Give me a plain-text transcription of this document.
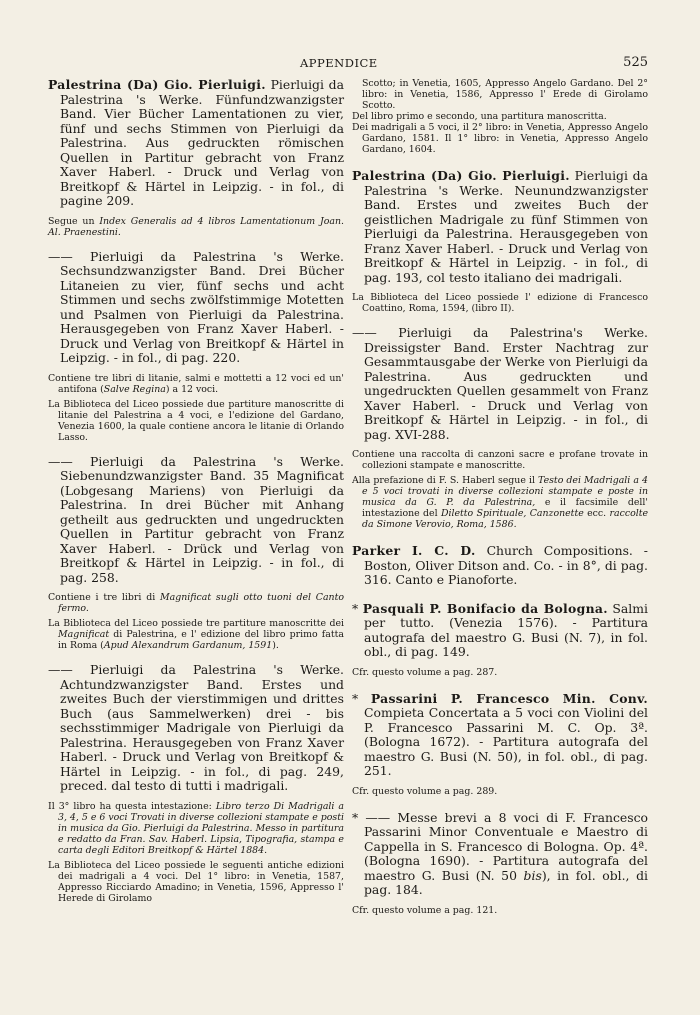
APPENDICE	525

Palestrina (Da) Gio. Pierluigi. Pierluigi da Palestrina 's Werke. Fünfundzwanzigster Band. Vier Bücher Lamentationen zu vier, fünf und sechs Stimmen von Pierluigi da Palestrina. Aus gedruckten römischen Quellen in Partitur gebracht von Franz Xaver Haberl. - Druck und Verlag von Breitkopf & Härtel in Leipzig. - in fol., di pagine 209.

Segue un Index Generalis ad 4 libros Lamentationum Joan. Al. Praenestini.

—— Pierluigi da Palestrina 's Werke. Sechsundzwanzigster Band. Drei Bücher Litaneien zu vier, fünf sechs und acht Stimmen und sechs zwölfstimmige Motetten und Psalmen von Pierluigi da Palestrina. Herausgegeben von Franz Xaver Haberl. - Druck und Verlag von Breitkopf & Härtel in Leipzig. - in fol., di pag. 220.

Contiene tre libri di litanie, salmi e mottetti a 12 voci ed un' antifona (Salve Regina) a 12 voci.

La Biblioteca del Liceo possiede due partiture manoscritte di litanie del Palestrina a 4 voci, e l'edizione del Gardano, Venezia 1600, la quale contiene ancora le litanie di Orlando Lasso.

—— Pierluigi da Palestrina 's Werke. Siebenundzwanzigster Band. 35 Magnificat (Lobgesang Mariens) von Pierluigi da Palestrina. In drei Bücher mit Anhang getheilt aus gedruckten und ungedruckten Quellen in Partitur gebracht von Franz Xaver Haberl. - Drück und Verlag von Breitkopf & Härtel in Leipzig. - in fol., di pag. 258.

Contiene i tre libri di Magnificat sugli otto tuoni del Canto fermo.

La Biblioteca del Liceo possiede tre partiture manoscritte dei Magnificat di Palestrina, e l' edizione del libro primo fatta in Roma (Apud Alexandrum Gardanum, 1591).

—— Pierluigi da Palestrina 's Werke. Achtundzwanzigster Band. Erstes und zweites Buch der vierstimmigen und drittes Buch (aus Sammelwerken) drei - bis sechsstimmiger Madrigale von Pierluigi da Palestrina. Herausgegeben von Franz Xaver Haberl. - Druck und Verlag von Breitkopf & Härtel in Leipzig. - in fol., di pag. 249, preced. dal testo di tutti i madrigali.

Il 3° libro ha questa intestazione: Libro terzo Di Madrigali a 3, 4, 5 e 6 voci Trovati in diverse collezioni stampate e posti in musica da Gio. Pierluigi da Palestrina. Messo in partitura e redatto da Fran. Sav. Haberl. Lipsia, Tipografia, stampa e carta degli Editori Breitkopf & Härtel 1884.

La Biblioteca del Liceo possiede le seguenti antiche edizioni dei madrigali a 4 voci. Del 1° libro: in Venetia, 1587, Appresso Ricciardo Amadino; in Venetia, 1596, Appresso l' Herede di Girolamo

Scotto; in Venetia, 1605, Appresso Angelo Gardano. Del 2° libro: in Venetia, 1586, Appresso l' Erede di Girolamo Scotto.

Del libro primo e secondo, una partitura manoscritta.

Dei madrigali a 5 voci, il 2° libro: in Venetia, Appresso Angelo Gardano, 1581. Il 1° libro: in Venetia, Appresso Angelo Gardano, 1604.

Palestrina (Da) Gio. Pierluigi. Pierluigi da Palestrina 's Werke. Neunundzwanzigster Band. Erstes und zweites Buch der geistlichen Madrigale zu fünf Stimmen von Pierluigi da Palestrina. Herausgegeben von Franz Xaver Haberl. - Druck und Verlag von Breitkopf & Härtel in Leipzig. - in fol., di pag. 193, col testo italiano dei madrigali.

La Biblioteca del Liceo possiede l' edizione di Francesco Coattino, Roma, 1594, (libro II).

—— Pierluigi da Palestrina's Werke. Dreissigster Band. Erster Nachtrag zur Gesammtausgabe der Werke von Pierluigi da Palestrina. Aus gedruckten und ungedruckten Quellen gesammelt von Franz Xaver Haberl. - Druck und Verlag von Breitkopf & Härtel in Leipzig. - in fol., di pag. XVI-288.

Contiene una raccolta di canzoni sacre e profane trovate in collezioni stampate e manoscritte.

Alla prefazione di F. S. Haberl segue il Testo dei Madrigali a 4 e 5 voci trovati in diverse collezioni stampate e poste in musica da G. P. da Palestrina, e il facsimile dell' intestazione del Diletto Spirituale, Canzonette ecc. raccolte da Simone Verovio, Roma, 1586.

Parker I. C. D. Church Compositions. - Boston, Oliver Ditson and. Co. - in 8°, di pag. 316. Canto e Pianoforte.

* Pasquali P. Bonifacio da Bologna. Salmi per tutto. (Venezia 1576). - Partitura autografa del maestro G. Busi (N. 7), in fol. obl., di pag. 149.

Cfr. questo volume a pag. 287.

* Passarini P. Francesco Min. Conv. Compieta Concertata a 5 voci con Violini del P. Francesco Passarini M. C. Op. 3ª. (Bologna 1672). - Partitura autografa del maestro G. Busi (N. 50), in fol. obl., di pag. 251.

Cfr. questo volume a pag. 289.

* —— Messe brevi a 8 voci di F. Francesco Passarini Minor Conventuale e Maestro di Cappella in S. Francesco di Bologna. Op. 4ª. (Bologna 1690). - Partitura autografa del maestro G. Busi (N. 50 bis), in fol. obl., di pag. 184.

Cfr. questo volume a pag. 121.
